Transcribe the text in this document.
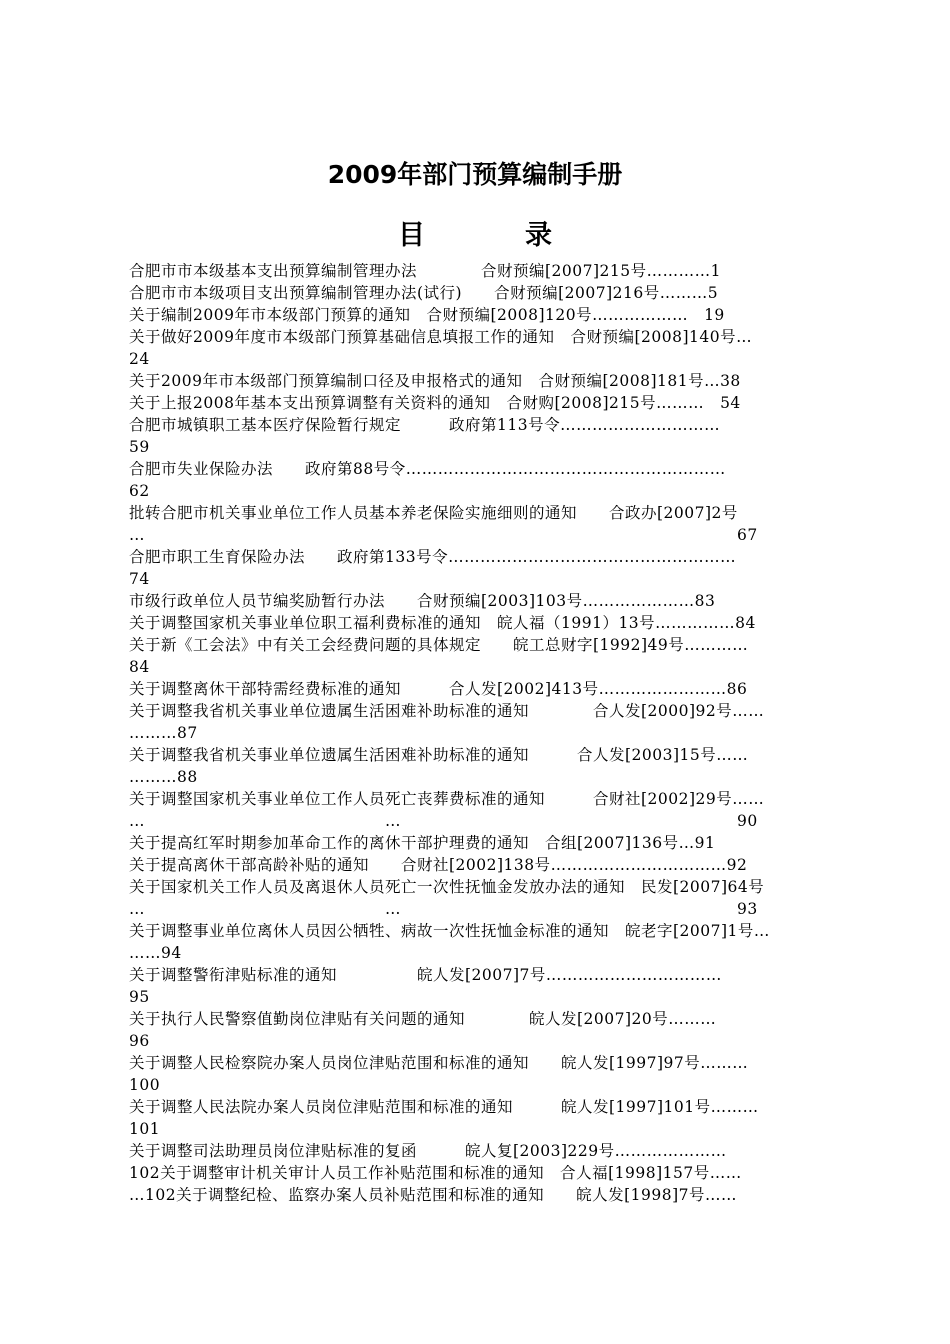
2009年部门预算编制手册
目录
合肥市市本级基本支出预算编制管理办法　　　　合财预编[2007]215号…………1
合肥市市本级项目支出预算编制管理办法(试行)　　合财预编[2007]216号………5
关于编制2009年市本级部门预算的通知　合财预编[2008]120号………………　19
关于做好2009年度市本级部门预算基础信息填报工作的通知　合财预编[2008]140号…
24
关于2009年市本级部门预算编制口径及申报格式的通知　合财预编[2008]181号…38
关于上报2008年基本支出预算调整有关资料的通知　合财购[2008]215号………　54
合肥市城镇职工基本医疗保险暂行规定　　　政府第113号令…………………………
59
合肥市失业保险办法　　政府第88号令……………………………………………………
62
批转合肥市机关事业单位工作人员基本养老保险实施细则的通知　　合政办[2007]2号
…　　　　　　　　　　　　　　　　　　　　　　　　　　　　　　　　　　　　　67
合肥市职工生育保险办法　　政府第133号令………………………………………………
74
市级行政单位人员节编奖励暂行办法　　合财预编[2003]103号…………………83
关于调整国家机关事业单位职工福利费标准的通知　皖人福（1991）13号……………84
关于新《工会法》中有关工会经费问题的具体规定　　皖工总财字[1992]49号…………
84
关于调整离休干部特需经费标准的通知　　　合人发[2002]413号……………………86
关于调整我省机关事业单位遗属生活困难补助标准的通知　　　　合人发[2000]92号……
………87
关于调整我省机关事业单位遗属生活困难补助标准的通知　　　合人发[2003]15号……
………88
关于调整国家机关事业单位工作人员死亡丧葬费标准的通知　　　合财社[2002]29号……
…　　　　　　　　　　　　　　　…　　　　　　　　　　　　　　　　　　　　　90
关于提高红军时期参加革命工作的离休干部护理费的通知　合组[2007]136号…91
关于提高离休干部高龄补贴的通知　　合财社[2002]138号……………………………92
关于国家机关工作人员及离退休人员死亡一次性抚恤金发放办法的通知　民发[2007]64号
…　　　　　　　　　　　　　　　…　　　　　　　　　　　　　　　　　　　　　93
关于调整事业单位离休人员因公牺牲、病故一次性抚恤金标准的通知　皖老字[2007]1号…
……94
关于调整警衔津贴标准的通知　　　　　皖人发[2007]7号……………………………
95
关于执行人民警察值勤岗位津贴有关问题的通知　　　　皖人发[2007]20号………
96
关于调整人民检察院办案人员岗位津贴范围和标准的通知　　皖人发[1997]97号………
100
关于调整人民法院办案人员岗位津贴范围和标准的通知　　　皖人发[1997]101号………
101
关于调整司法助理员岗位津贴标准的复函　　　皖人复[2003]229号…………………
102关于调整审计机关审计人员工作补贴范围和标准的通知　合人福[1998]157号……
…102关于调整纪检、监察办案人员补贴范围和标准的通知　　皖人发[1998]7号……
